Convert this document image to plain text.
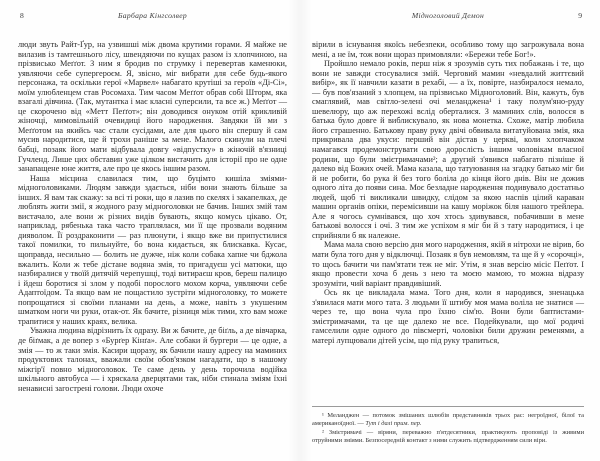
8	Барбара Кінгсолвер

люди звуть Райт-Ґур, на узвишші між двома крутими горами. Я майже не вилазив із тамтешнього лісу, швендяючи по кущах разом із хлопчиною, на прізвисько Меґґот. З ним я бродив по струмку і перевертав каменюки, уявляючи себе супергероєм. Я, звісно, міг вибрати для себе будь-якого персонажа, та оскільки герої «Марвел» набагато крутіші за героїв «Ді-Сі», моїм улюбленцем став Росомаха. Тим часом Меґґот обрав собі Шторм, яка взагалі дівчина. (Так, мутантка і має класні суперсили, та все ж.) Меґґот — це скорочено від «Метт Пеґґот»; він доводився онуком отій крикливій жіночці, мимовільній очевидиці його народження. Завдяки їй ми з Меґґотом на якийсь час стали сусідами, але для цього він спершу й сам мусив народитися, ще й трохи раніше за мене. Малого скинули на плечі бабці, позаяк його мати відбувала довгу «відпустку» в жіночій в'язниці Гучленд. Лише цих обставин уже цілком вистачить для історії про не одне занапащене юне життя, але про це якось іншим разом.

Наша місцина славилася тим, що буцімто кишіла зміями-мідноголовиками. Людям завжди здається, ніби вони знають більше за інших. Я вам так скажу: за всі ті роки, що я лазив по скелях і закапелках, де люблять жити змії, я жодного разу мідноголовки не бачив. Інших змій там вистачало, але вони ж різних видів бувають, якщо комусь цікаво. От, наприклад, рябенька така часто траплялася, ми її ще прозвали водяним дияволом. Її роздраконити — раз плюнути, і якщо вже ви припустилися такої помилки, то пильнуйте, бо вона кидається, як блискавка. Кусає, щоправда, несильно — болить не дужче, ніж коли собака хапне чи бджола вжалить. Коли ж тебе дістане водяна змія, то пригадуєш усі матюки, що назбиралися у твоїй дитячій черепушці, тоді витираєш кров, береш палицю і йдеш боротися зі злом у подобі порослого мохом корча, уявляючи себе Адаптоїдом. Та якщо вам не пощастило зустріти мідноголовку, то можете попрощатися зі своїми планами на день, а може, навіть з укушеним шматком ноги чи руки, отак-от. Як бачите, різниця між тими, хто вам може трапитися у наших краях, велика.

Уважна людина відрізнить їх одразу. Ви ж бачите, де біґль, а де вівчарка, де біґмак, а де вопер з «Бурґер Кінґа». Але собаки й бургери — це одне, а змія — то ж таки змія. Касири щоразу, як бачили нашу адресу на маминих продуктових талонах, вважали своїм обов'язком нагадати, що в нашому міжгір'ї повно мідноголовок. Те саме день у день торочила водійка шкільного автобуса — і хряскала дверцятами так, ніби стинала зміям їхні ненависні загострені голови. Люди охоче

Мідноголовий Демон	9

вірили в існування якоїсь небезпеки, особливо тому що загрожувала вона мені, а не їм, тож вони щораз примовляли: «Бережи тебе Бог!».

Пройшло немало років, перш ніж я зрозумів суть тих побажань і те, що вони не завжди стосувалися змій. Черговий мамин «невдалий життєвий вибір», як її навчили казати в рехабі, — а їх, повірте, назбиралося немало, — був пов'язаний з хлопцем, на прізвисько Мідноголовий. Він, кажуть, був смаглявий, мав світло-зелені очі меланджена¹ і таку полум'яно-руду шевелюру, що аж перехожі вслід оберталися. З маминих слів, волосся в батька було довге й виблискувало, як нова монетка. Схоже, матір любила його страшенно. Батькову праву руку двічі обвивала витатуйована змія, яка прикривала два укуси: перший він дістав у церкві, коли хлопчаком намагався продемонструвати свою дорослість іншим чоловікам власної родини, що були змієтримачами²; а другий з'явився набагато пізніше й далеко від Божих очей. Мама казала, що татуювання на згадку батько міг би й не робити, бо рука й без того боліла до кінця його днів. Він не дожив одного літа до появи сина. Моє безладне народження подивувало достатньо людей, щоб ті викликали швидку, слідом за якою наспів цілий караван машин органів опіки, перемісивши на кашу моріжок біля нашого трейлера. Але я чогось сумнівався, що хоч хтось здивувався, побачивши в мене батькові волосся і очі. З тим же успіхом я міг би й з тату народитися, і це сприйняли б як належне.

Мама мала свою версію дня мого народження, якій я нітрохи не вірив, бо мати була того дня у відключці. Позаяк я був немовлям, та ще й у «сорочці», то щось бачити чи пам'ятати теж не міг. Утім, я знав версію місіс Пеґґот. І якщо провести хоча б день з нею та моєю мамою, то можна відразу зрозуміти, чий варіант правдивіший.

Ось як це викладала мама. Того дня, коли я народився, зненацька з'явилася мати мого тата. З людьми її штибу моя мама воліла не знатися — через те, що вона чула про їхню сім'ю. Вони були баптистами-змієтримачами, та це ще далеко не все. Подейкували, що мої родичі гамселили одне одного до півсмерті, чоловіки били дружин ременями, а матері лупцювали дітей усім, що під руку трапиться,

¹ Меланджен — потомок змішаних шлюбів представників трьох рас: негроїдної, білої та американоїдної. — Тут і далі прим. пер.

² Змієтримачі — віряни, переважно п'ятдесятники, практикують проповіді із живими отруйними зміями. Безпосередній контакт з ними служить підтвердженням сили віри.
